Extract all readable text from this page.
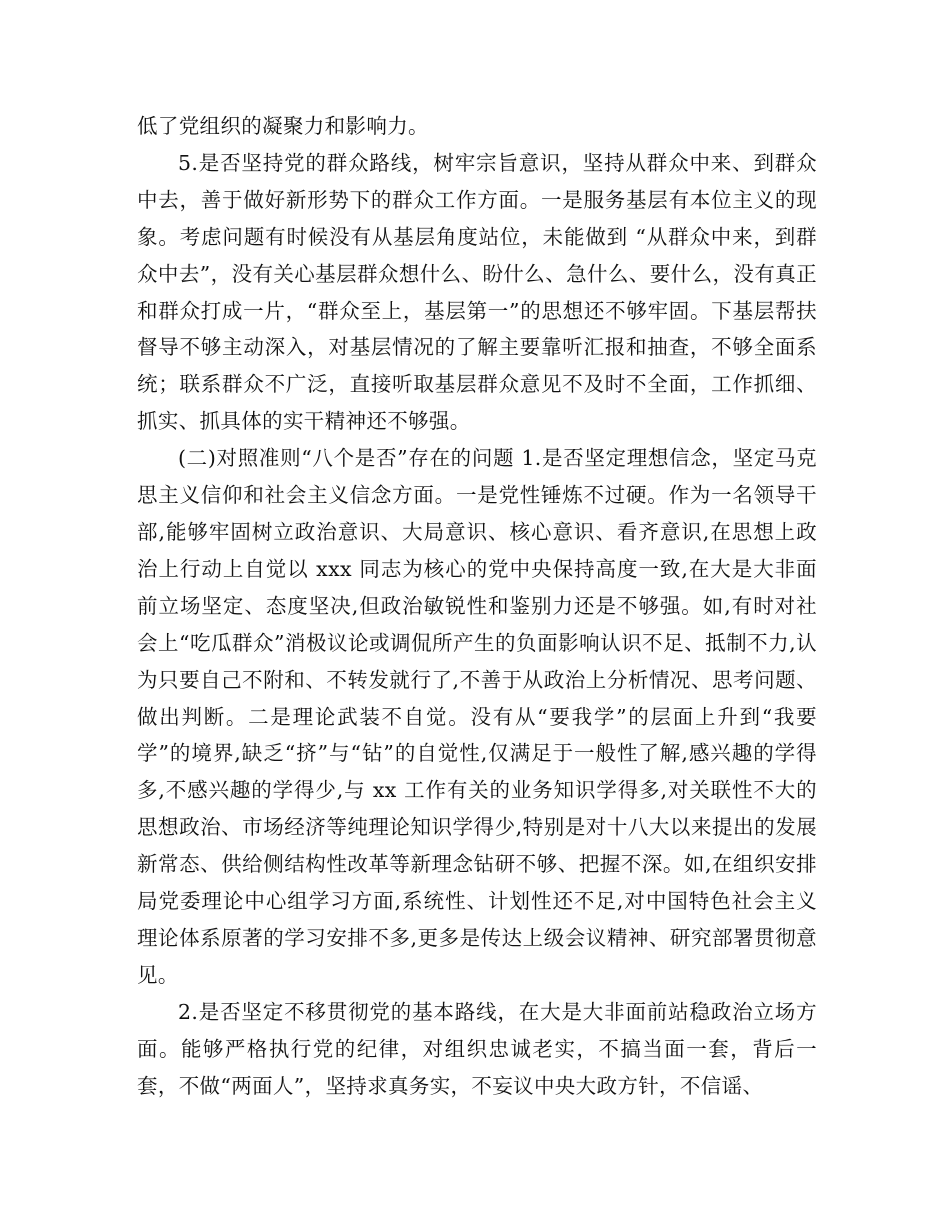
低了党组织的凝聚力和影响力。

5.是否坚持党的群众路线，树牢宗旨意识，坚持从群众中来、到群众中去，善于做好新形势下的群众工作方面。一是服务基层有本位主义的现象。考虑问题有时候没有从基层角度站位，未能做到 “从群众中来，到群众中去”，没有关心基层群众想什么、盼什么、急什么、要什么，没有真正和群众打成一片，“群众至上，基层第一”的思想还不够牢固。下基层帮扶督导不够主动深入，对基层情况的了解主要靠听汇报和抽查，不够全面系统；联系群众不广泛，直接听取基层群众意见不及时不全面，工作抓细、抓实、抓具体的实干精神还不够强。

(二)对照准则“八个是否”存在的问题 1.是否坚定理想信念，坚定马克思主义信仰和社会主义信念方面。一是党性锤炼不过硬。作为一名领导干部,能够牢固树立政治意识、大局意识、核心意识、看齐意识,在思想上政治上行动上自觉以 xxx 同志为核心的党中央保持高度一致,在大是大非面前立场坚定、态度坚决,但政治敏锐性和鉴别力还是不够强。如,有时对社会上“吃瓜群众”消极议论或调侃所产生的负面影响认识不足、抵制不力,认为只要自己不附和、不转发就行了,不善于从政治上分析情况、思考问题、做出判断。二是理论武装不自觉。没有从“要我学”的层面上升到“我要学”的境界,缺乏“挤”与“钻”的自觉性,仅满足于一般性了解,感兴趣的学得多,不感兴趣的学得少,与 xx 工作有关的业务知识学得多,对关联性不大的思想政治、市场经济等纯理论知识学得少,特别是对十八大以来提出的发展新常态、供给侧结构性改革等新理念钻研不够、把握不深。如,在组织安排局党委理论中心组学习方面,系统性、计划性还不足,对中国特色社会主义理论体系原著的学习安排不多,更多是传达上级会议精神、研究部署贯彻意见。

2.是否坚定不移贯彻党的基本路线，在大是大非面前站稳政治立场方面。能够严格执行党的纪律，对组织忠诚老实，不搞当面一套，背后一套，不做“两面人”，坚持求真务实，不妄议中央大政方针，不信谣、
